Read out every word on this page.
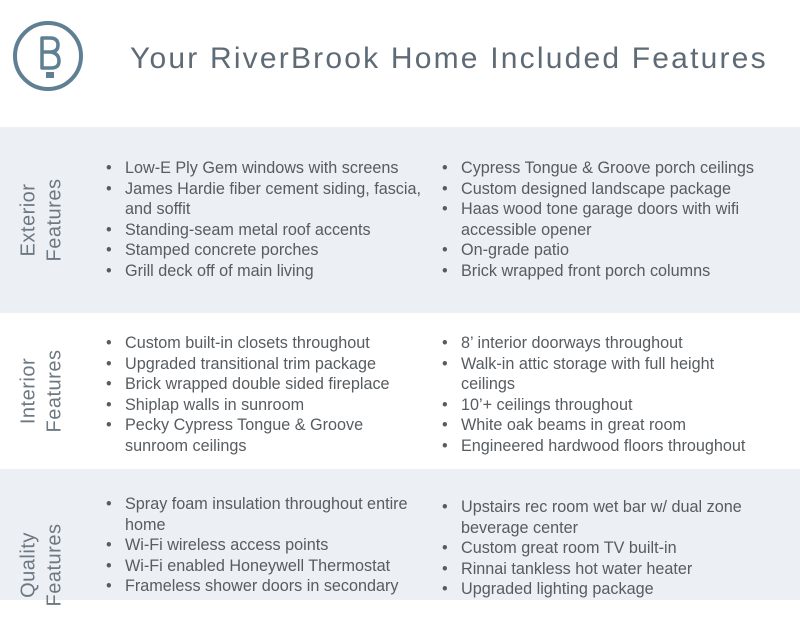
Your RiverBrook Home Included Features
Exterior Features
• Low-E Ply Gem windows with screens
• James Hardie fiber cement siding, fascia, and soffit
• Standing-seam metal roof accents
• Stamped concrete porches
• Grill deck off of main living
• Cypress Tongue & Groove porch ceilings
• Custom designed landscape package
• Haas wood tone garage doors with wifi accessible opener
• On-grade patio
• Brick wrapped front porch columns
Interior Features
• Custom built-in closets throughout
• Upgraded transitional trim package
• Brick wrapped double sided fireplace
• Shiplap walls in sunroom
• Pecky Cypress Tongue & Groove sunroom ceilings
• 8’ interior doorways throughout
• Walk-in attic storage with full height ceilings
• 10’+ ceilings throughout
• White oak beams in great room
• Engineered hardwood floors throughout
Quality Features
• Spray foam insulation throughout entire home
• Wi-Fi wireless access points
• Wi-Fi enabled Honeywell Thermostat
• Frameless shower doors in secondary
• Upstairs rec room wet bar w/ dual zone beverage center
• Custom great room TV built-in
• Rinnai tankless hot water heater
• Upgraded lighting package
